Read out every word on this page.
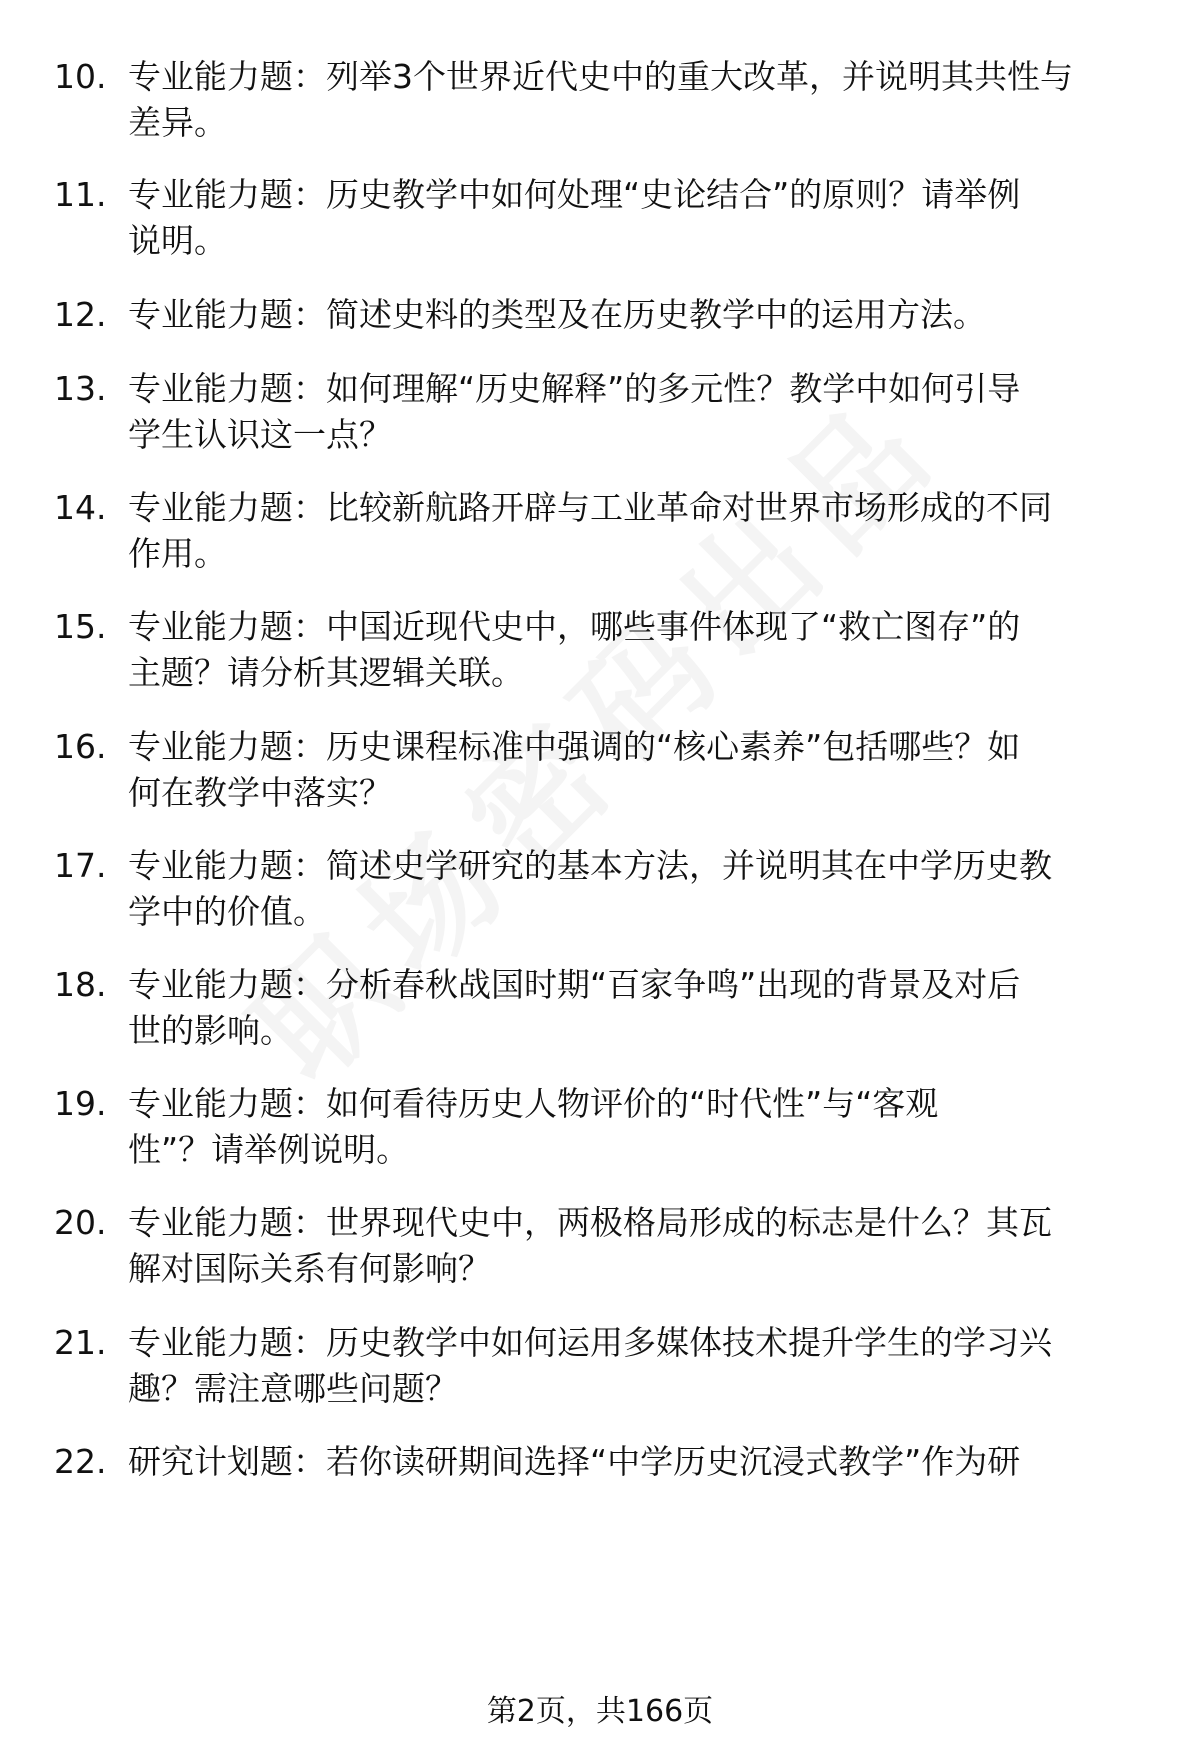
10. 专业能力题：列举3个世界近代史中的重大改革，并说明其共性与
差异。
11. 专业能力题：历史教学中如何处理“史论结合”的原则？请举例
说明。
12. 专业能力题：简述史料的类型及在历史教学中的运用方法。
13. 专业能力题：如何理解“历史解释”的多元性？教学中如何引导
学生认识这一点？
14. 专业能力题：比较新航路开辟与工业革命对世界市场形成的不同
作用。
15. 专业能力题：中国近现代史中，哪些事件体现了“救亡图存”的
主题？请分析其逻辑关联。
16. 专业能力题：历史课程标准中强调的“核心素养”包括哪些？如
何在教学中落实？
17. 专业能力题：简述史学研究的基本方法，并说明其在中学历史教
学中的价值。
18. 专业能力题：分析春秋战国时期“百家争鸣”出现的背景及对后
世的影响。
19. 专业能力题：如何看待历史人物评价的“时代性”与“客观
性”？请举例说明。
20. 专业能力题：世界现代史中，两极格局形成的标志是什么？其瓦
解对国际关系有何影响？
21. 专业能力题：历史教学中如何运用多媒体技术提升学生的学习兴
趣？需注意哪些问题？
22. 研究计划题：若你读研期间选择“中学历史沉浸式教学”作为研
第2页，共166页
